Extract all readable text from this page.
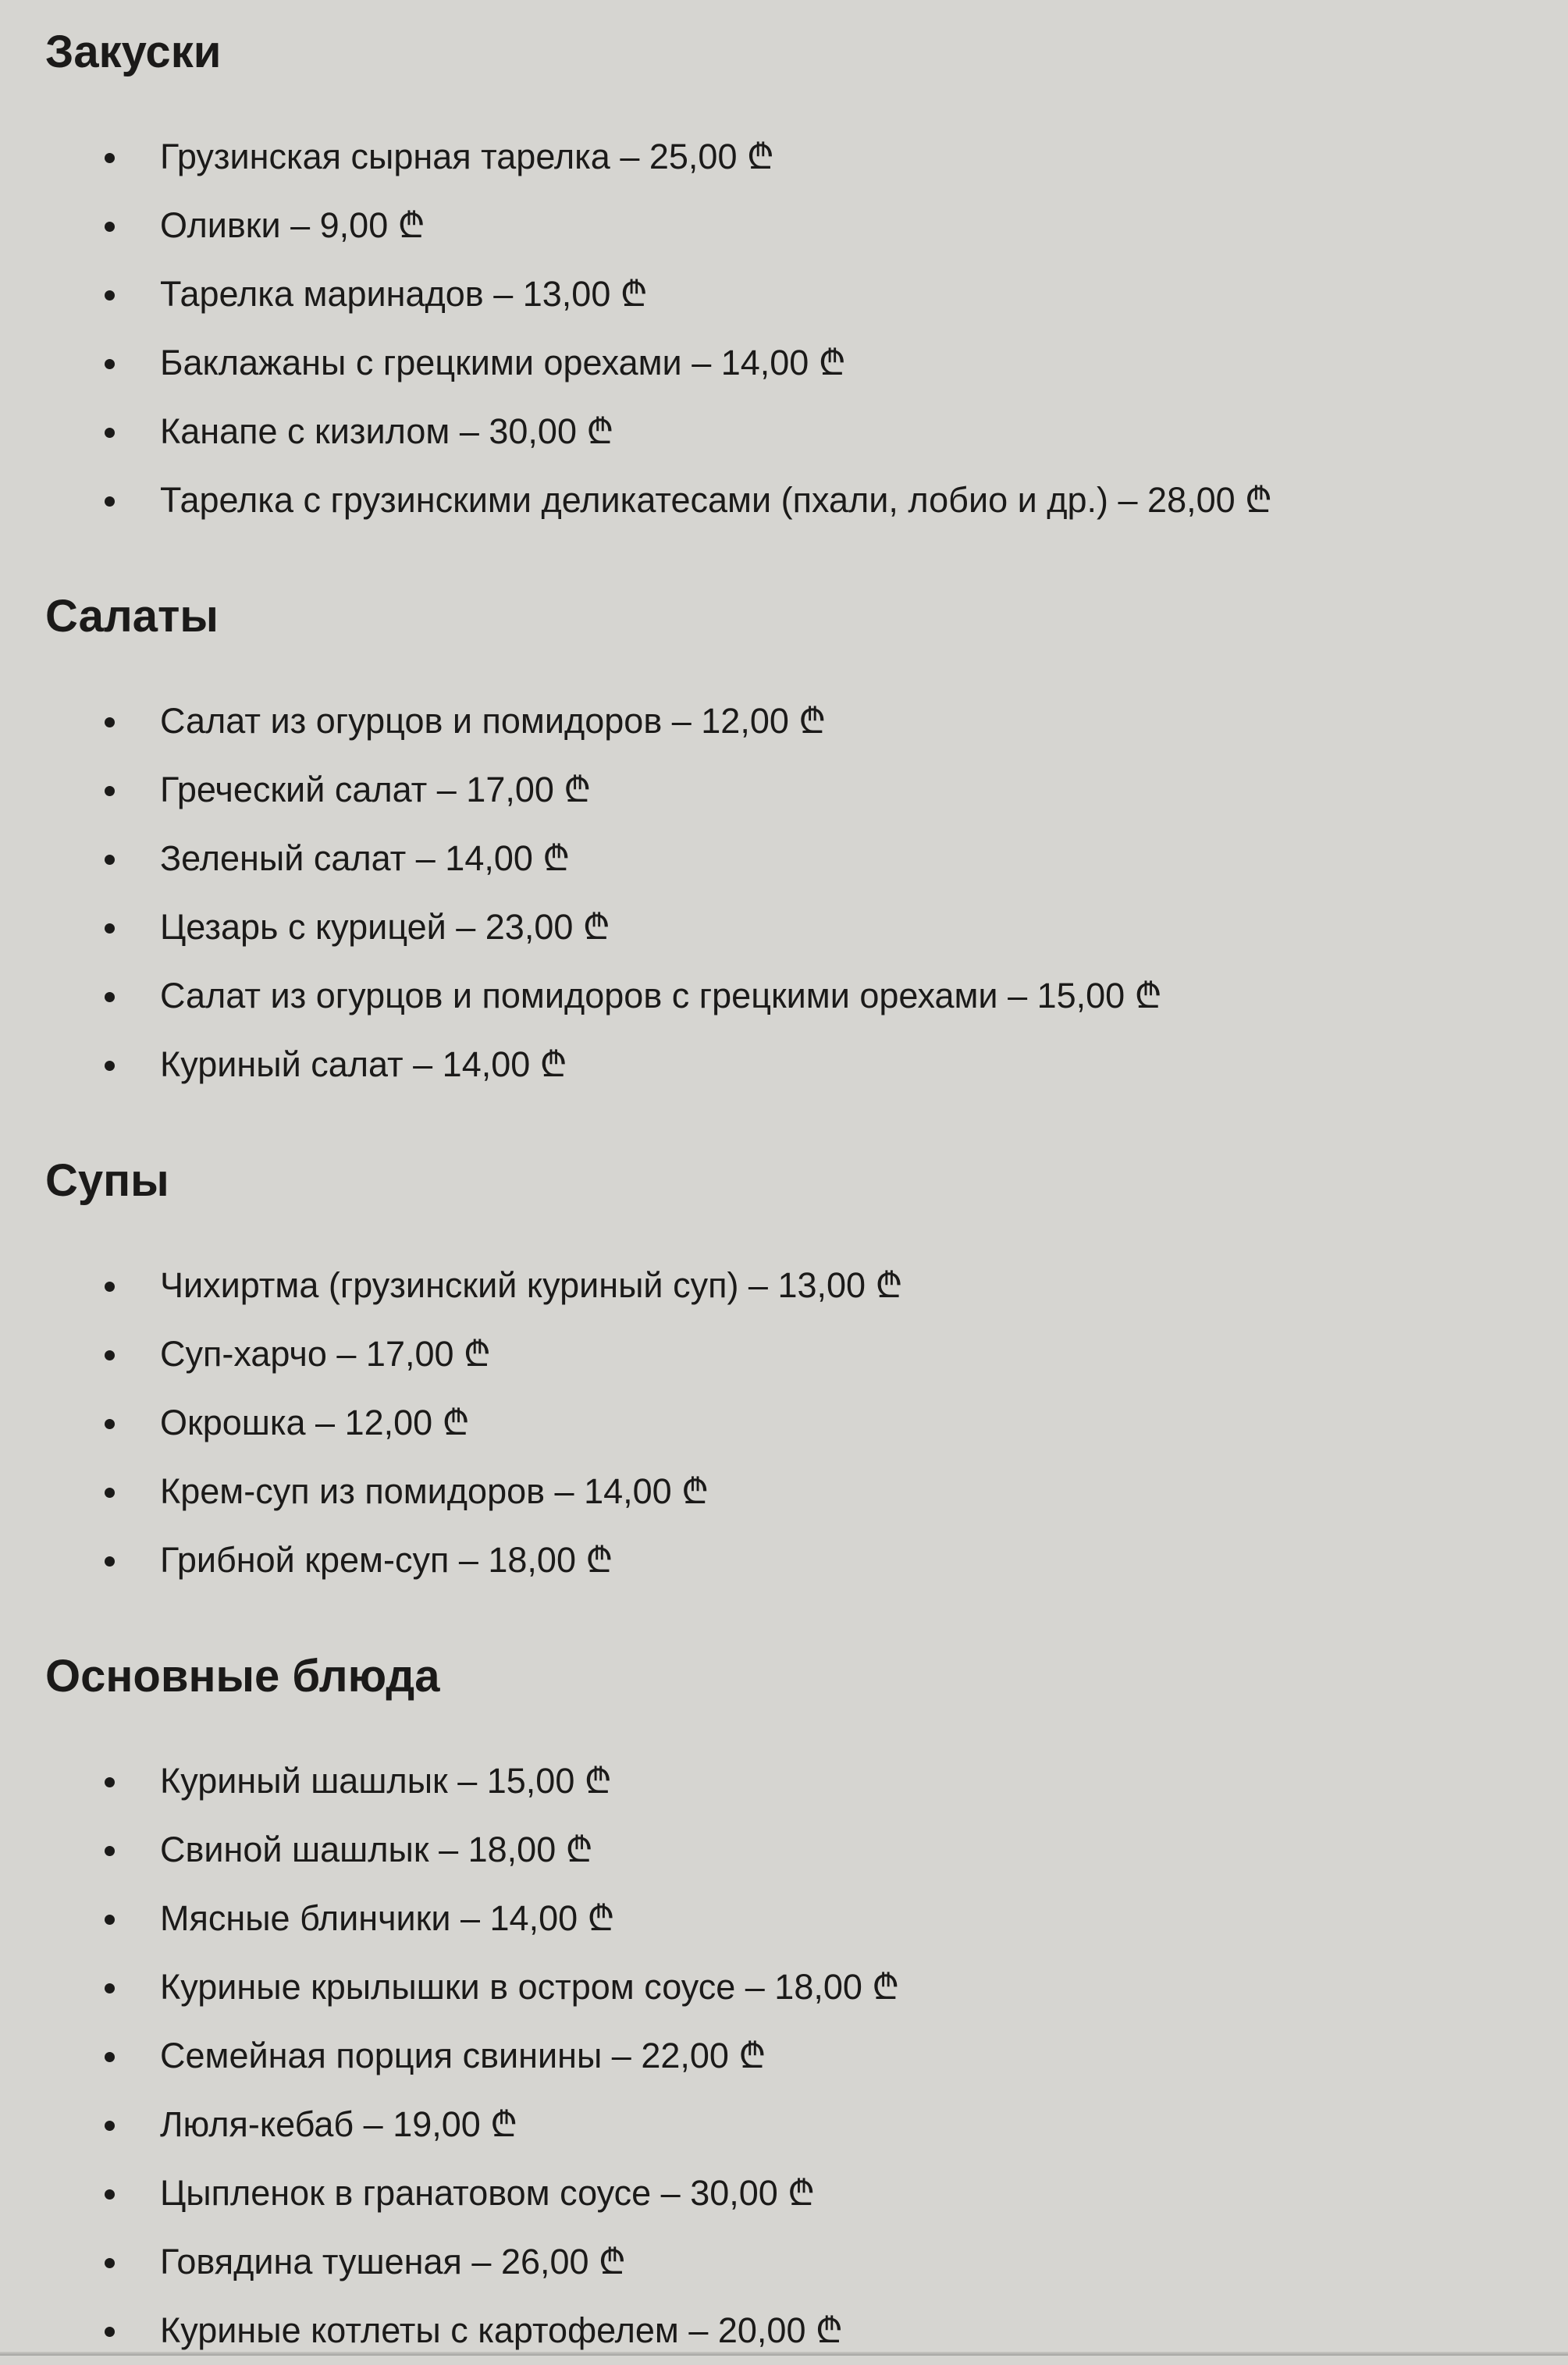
Закуски
Грузинская сырная тарелка – 25,00 ₾
Оливки – 9,00 ₾
Тарелка маринадов – 13,00 ₾
Баклажаны с грецкими орехами – 14,00 ₾
Канапе с кизилом – 30,00 ₾
Тарелка с грузинскими деликатесами (пхали, лобио и др.) – 28,00 ₾
Салаты
Салат из огурцов и помидоров – 12,00 ₾
Греческий салат – 17,00 ₾
Зеленый салат – 14,00 ₾
Цезарь с курицей – 23,00 ₾
Салат из огурцов и помидоров с грецкими орехами – 15,00 ₾
Куриный салат – 14,00 ₾
Супы
Чихиртма (грузинский куриный суп) – 13,00 ₾
Суп-харчо – 17,00 ₾
Окрошка – 12,00 ₾
Крем-суп из помидоров – 14,00 ₾
Грибной крем-суп – 18,00 ₾
Основные блюда
Куриный шашлык – 15,00 ₾
Свиной шашлык – 18,00 ₾
Мясные блинчики – 14,00 ₾
Куриные крылышки в остром соусе – 18,00 ₾
Семейная порция свинины – 22,00 ₾
Люля-кебаб – 19,00 ₾
Цыпленок в гранатовом соусе – 30,00 ₾
Говядина тушеная – 26,00 ₾
Куриные котлеты с картофелем – 20,00 ₾
